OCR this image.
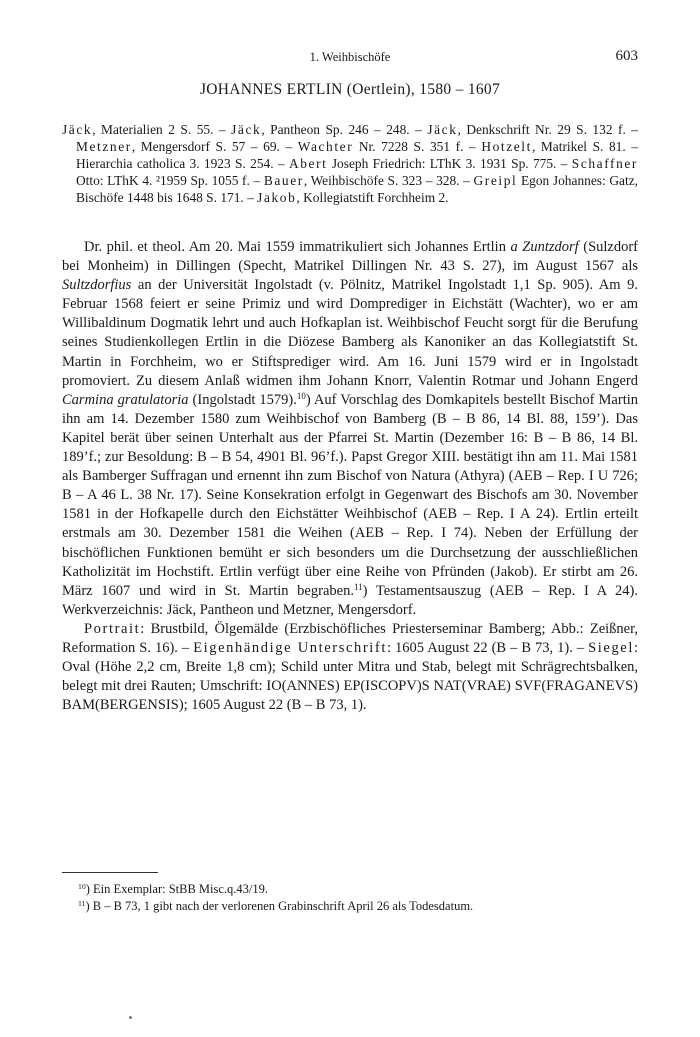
1. Weihbischöfe	603
JOHANNES ERTLIN (Oertlein), 1580 – 1607
Jäck, Materialien 2 S. 55. – Jäck, Pantheon Sp. 246 – 248. – Jäck, Denkschrift Nr. 29 S. 132 f. – Metzner, Mengersdorf S. 57 – 69. – Wachter Nr. 7228 S. 351 f. – Hotzelt, Matrikel S. 81. – Hierarchia catholica 3. 1923 S. 254. – Abert Joseph Friedrich: LThK 3. 1931 Sp. 775. – Schaffner Otto: LThK 4. ²1959 Sp. 1055 f. – Bauer, Weihbischöfe S. 323 – 328. – Greipl Egon Johannes: Gatz, Bischöfe 1448 bis 1648 S. 171. – Jakob, Kollegiatstift Forchheim 2.

Dr. phil. et theol. Am 20. Mai 1559 immatrikuliert sich Johannes Ertlin a Zuntzdorf (Sulzdorf bei Monheim) in Dillingen (Specht, Matrikel Dillingen Nr. 43 S. 27), im August 1567 als Sultzdorfius an der Universität Ingolstadt (v. Pölnitz, Matrikel Ingolstadt 1,1 Sp. 905). Am 9. Februar 1568 feiert er seine Primiz und wird Domprediger in Eichstätt (Wachter), wo er am Willibaldinum Dogmatik lehrt und auch Hofkaplan ist. Weihbischof Feucht sorgt für die Berufung seines Studienkollegen Ertlin in die Diözese Bamberg als Kanoniker an das Kollegiatstift St. Martin in Forchheim, wo er Stiftsprediger wird. Am 16. Juni 1579 wird er in Ingolstadt promoviert. Zu diesem Anlaß widmen ihm Johann Knorr, Valentin Rotmar und Johann Engerd Carmina gratulatoria (Ingolstadt 1579).$^{10}$) Auf Vorschlag des Domkapitels bestellt Bischof Martin ihn am 14. Dezember 1580 zum Weihbischof von Bamberg (B – B 86, 14 Bl. 88, 159’). Das Kapitel berät über seinen Unterhalt aus der Pfarrei St. Martin (Dezember 16: B – B 86, 14 Bl. 189’f.; zur Besoldung: B – B 54, 4901 Bl. 96’f.). Papst Gregor XIII. bestätigt ihn am 11. Mai 1581 als Bamberger Suffragan und ernennt ihn zum Bischof von Natura (Athyra) (AEB – Rep. I U 726; B – A 46 L. 38 Nr. 17). Seine Konsekration erfolgt in Gegenwart des Bischofs am 30. November 1581 in der Hofkapelle durch den Eichstätter Weihbischof (AEB – Rep. I A 24). Ertlin erteilt erstmals am 30. Dezember 1581 die Weihen (AEB – Rep. I 74). Neben der Erfüllung der bischöflichen Funktionen bemüht er sich besonders um die Durchsetzung der ausschließlichen Katholizität im Hochstift. Ertlin verfügt über eine Reihe von Pfründen (Jakob). Er stirbt am 26. März 1607 und wird in St. Martin begraben.$^{11}$) Testamentsauszug (AEB – Rep. I A 24). Werkverzeichnis: Jäck, Pantheon und Metzner, Mengersdorf.

Portrait: Brustbild, Ölgemälde (Erzbischöfliches Priesterseminar Bamberg; Abb.: Zeißner, Reformation S. 16). – Eigenhändige Unterschrift: 1605 August 22 (B – B 73, 1). – Siegel: Oval (Höhe 2,2 cm, Breite 1,8 cm); Schild unter Mitra und Stab, belegt mit Schrägrechtsbalken, belegt mit drei Rauten; Umschrift: IO(ANNES) EP(ISCOPV)S NAT(VRAE) SVF(FRAGANEVS) BAM(BERGENSIS); 1605 August 22 (B – B 73, 1).

$^{10}$) Ein Exemplar: StBB Misc.q.43/19.
$^{11}$) B – B 73, 1 gibt nach der verlorenen Grabinschrift April 26 als Todesdatum.
